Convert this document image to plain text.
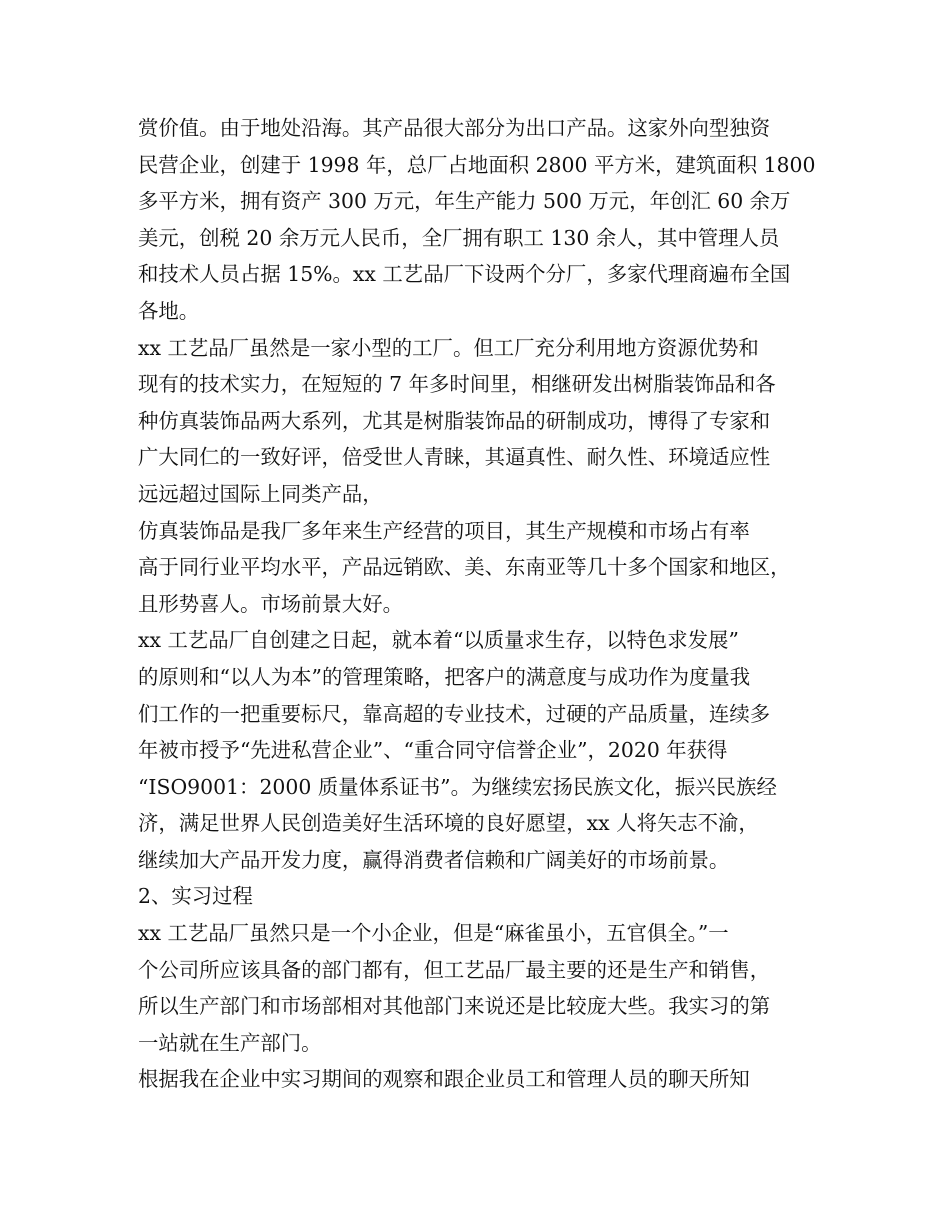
赏价值。由于地处沿海。其产品很大部分为出口产品。这家外向型独资
民营企业，创建于 1998 年，总厂占地面积 2800 平方米，建筑面积 1800
多平方米，拥有资产 300 万元，年生产能力 500 万元，年创汇 60 余万
美元，创税 20 余万元人民币，全厂拥有职工 130 余人，其中管理人员
和技术人员占据 15%。xx 工艺品厂下设两个分厂，多家代理商遍布全国
各地。
xx 工艺品厂虽然是一家小型的工厂。但工厂充分利用地方资源优势和
现有的技术实力，在短短的 7 年多时间里，相继研发出树脂装饰品和各
种仿真装饰品两大系列，尤其是树脂装饰品的研制成功，博得了专家和
广大同仁的一致好评，倍受世人青睐，其逼真性、耐久性、环境适应性
远远超过国际上同类产品，
仿真装饰品是我厂多年来生产经营的项目，其生产规模和市场占有率
高于同行业平均水平，产品远销欧、美、东南亚等几十多个国家和地区，
且形势喜人。市场前景大好。
xx 工艺品厂自创建之日起，就本着“以质量求生存，以特色求发展”
的原则和“以人为本”的管理策略，把客户的满意度与成功作为度量我
们工作的一把重要标尺，靠高超的专业技术，过硬的产品质量，连续多
年被市授予“先进私营企业”、“重合同守信誉企业”，2020 年获得
“ISO9001：2000 质量体系证书”。为继续宏扬民族文化，振兴民族经
济，满足世界人民创造美好生活环境的良好愿望，xx 人将矢志不渝，
继续加大产品开发力度，赢得消费者信赖和广阔美好的市场前景。
2、实习过程
xx 工艺品厂虽然只是一个小企业，但是“麻雀虽小，五官俱全。”一
个公司所应该具备的部门都有，但工艺品厂最主要的还是生产和销售，
所以生产部门和市场部相对其他部门来说还是比较庞大些。我实习的第
一站就在生产部门。
根据我在企业中实习期间的观察和跟企业员工和管理人员的聊天所知
